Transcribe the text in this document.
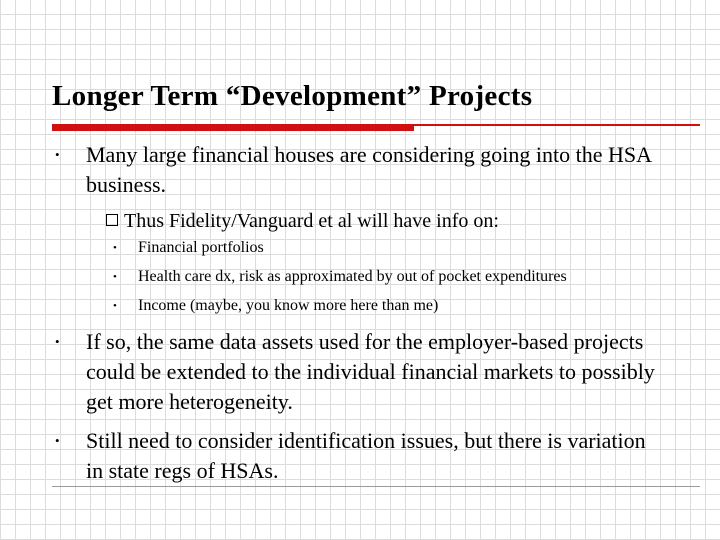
Longer Term “Development” Projects
• Many large financial houses are considering going into the HSA business.
Thus Fidelity/Vanguard et al will have info on:
• Financial portfolios
• Health care dx, risk as approximated by out of pocket expenditures
• Income (maybe, you know more here than me)
• If so, the same data assets used for the employer-based projects could be extended to the individual financial markets to possibly get more heterogeneity.
• Still need to consider identification issues, but there is variation in state regs of HSAs.
